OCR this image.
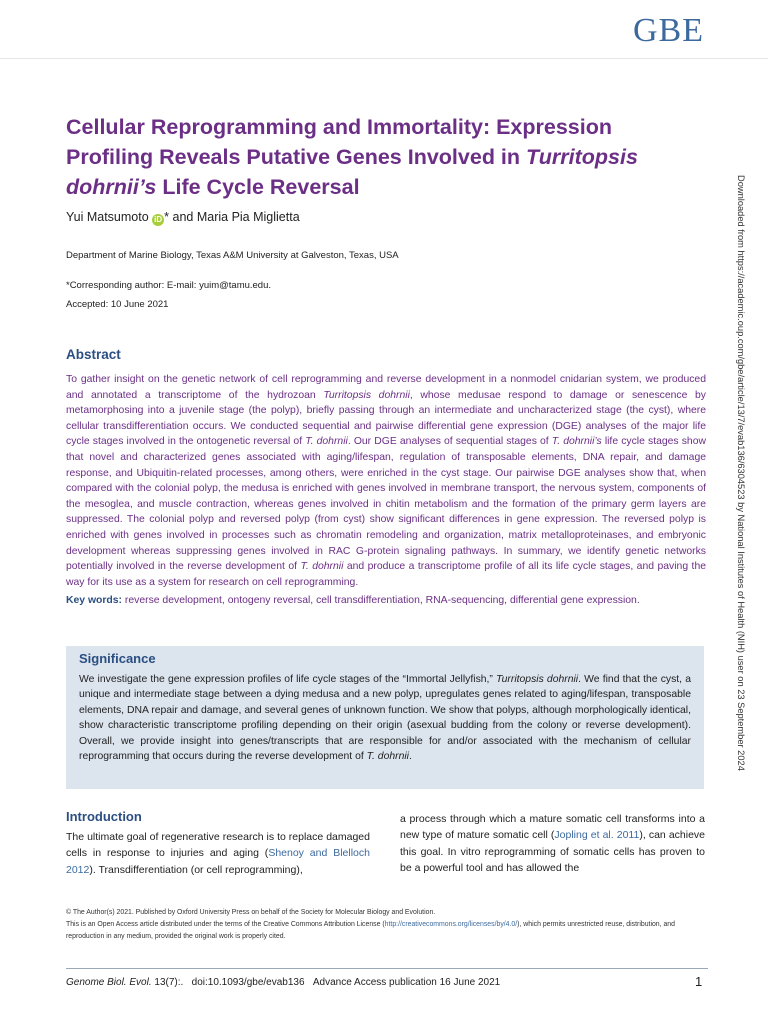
GBE
Cellular Reprogramming and Immortality: Expression Profiling Reveals Putative Genes Involved in Turritopsis dohrnii’s Life Cycle Reversal
Yui Matsumoto iD * and Maria Pia Miglietta
Department of Marine Biology, Texas A&M University at Galveston, Texas, USA
*Corresponding author: E-mail: yuim@tamu.edu.
Accepted: 10 June 2021
Abstract
To gather insight on the genetic network of cell reprogramming and reverse development in a nonmodel cnidarian system, we produced and annotated a transcriptome of the hydrozoan Turritopsis dohrnii, whose medusae respond to damage or senescence by metamorphosing into a juvenile stage (the polyp), briefly passing through an intermediate and uncharacterized stage (the cyst), where cellular transdifferentiation occurs. We conducted sequential and pairwise differential gene expression (DGE) analyses of the major life cycle stages involved in the ontogenetic reversal of T. dohrnii. Our DGE analyses of sequential stages of T. dohrnii’s life cycle stages show that novel and characterized genes associated with aging/lifespan, regulation of transposable elements, DNA repair, and damage response, and Ubiquitin-related processes, among others, were enriched in the cyst stage. Our pairwise DGE analyses show that, when compared with the colonial polyp, the medusa is enriched with genes involved in membrane transport, the nervous system, components of the mesoglea, and muscle contraction, whereas genes involved in chitin metabolism and the formation of the primary germ layers are suppressed. The colonial polyp and reversed polyp (from cyst) show significant differences in gene expression. The reversed polyp is enriched with genes involved in processes such as chromatin remodeling and organization, matrix metalloproteinases, and embryonic development whereas suppressing genes involved in RAC G-protein signaling pathways. In summary, we identify genetic networks potentially involved in the reverse development of T. dohrnii and produce a transcriptome profile of all its life cycle stages, and paving the way for its use as a system for research on cell reprogramming.
Key words: reverse development, ontogeny reversal, cell transdifferentiation, RNA-sequencing, differential gene expression.
Significance
We investigate the gene expression profiles of life cycle stages of the “Immortal Jellyfish,” Turritopsis dohrnii. We find that the cyst, a unique and intermediate stage between a dying medusa and a new polyp, upregulates genes related to aging/lifespan, transposable elements, DNA repair and damage, and several genes of unknown function. We show that polyps, although morphologically identical, show characteristic transcriptome profiling depending on their origin (asexual budding from the colony or reverse development). Overall, we provide insight into genes/transcripts that are responsible for and/or associated with the mechanism of cellular reprogramming that occurs during the reverse development of T. dohrnii.
Introduction
The ultimate goal of regenerative research is to replace damaged cells in response to injuries and aging (Shenoy and Blelloch 2012). Transdifferentiation (or cell reprogramming),
a process through which a mature somatic cell transforms into a new type of mature somatic cell (Jopling et al. 2011), can achieve this goal. In vitro reprogramming of somatic cells has proven to be a powerful tool and has allowed the
© The Author(s) 2021. Published by Oxford University Press on behalf of the Society for Molecular Biology and Evolution.
This is an Open Access article distributed under the terms of the Creative Commons Attribution License (http://creativecommons.org/licenses/by/4.0/), which permits unrestricted reuse, distribution, and reproduction in any medium, provided the original work is properly cited.
Genome Biol. Evol. 13(7):. doi:10.1093/gbe/evab136 Advance Access publication 16 June 2021	1
Downloaded from https://academic.oup.com/gbe/article/13/7/evab136/6304523 by National Institutes of Health (NIH) user on 23 September 2024
